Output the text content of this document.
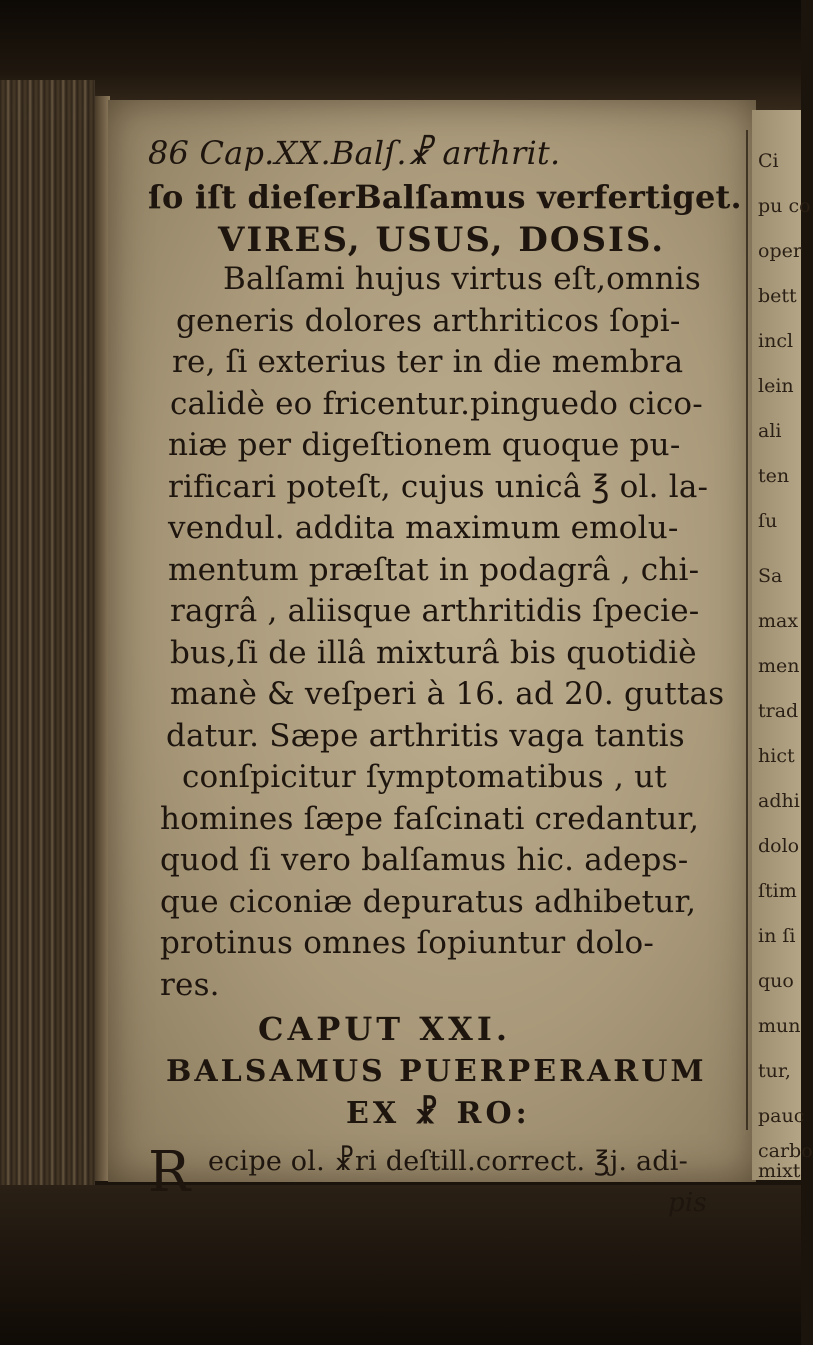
86 Cap.XX.Balſ.☧ arthrit.
ſo iſt dieſerBalſamus verfertiget.
VIRES, USUS, DOSIS.
Balſami hujus virtus eſt,omnis
generis dolores arthriticos ſopi-
re, ſi exterius ter in die membra
calidè eo fricentur.pinguedo cico-
niæ per digeſtionem quoque pu-
rificari poteſt, cujus unicâ ℥ ol. la-
vendul. addita maximum emolu-
mentum præſtat in podagrâ , chi-
ragrâ , aliisque arthritidis ſpecie-
bus,ſi de illâ mixturâ bis quotidiè
manè & veſperi à 16. ad 20. guttas
datur. Sæpe arthritis vaga tantis
conſpicitur ſymptomatibus , ut
homines ſæpe faſcinati credantur,
quod ſi vero balſamus hic. adeps-
que ciconiæ depuratus adhibetur,
protinus omnes ſopiuntur dolo-
res.
CAPUT XXI.
BALSAMUS PUERPERARUM
EX ☧ RO:
R ecipe ol. ☧ri deſtill.correct. ℥j. adi-
pis
Ci
pu co
oper
bett
incl
lein
ali
ten
ſu
Sa
max
men
trad
hict
adhi
dolo
ſtim
in ſi
quo
mun
tur,
pauc
carbo
mixt
